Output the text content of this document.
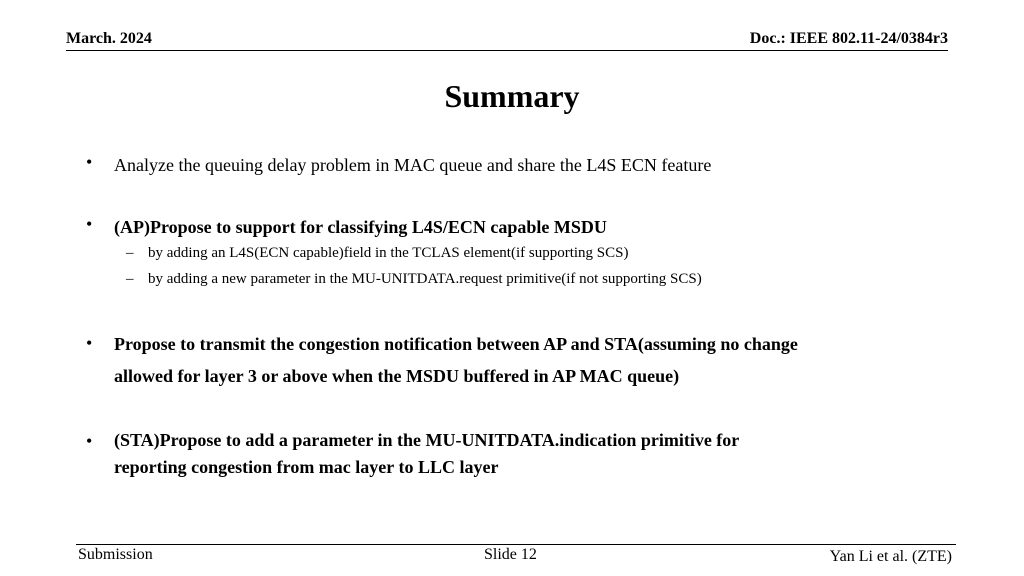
March. 2024	Doc.: IEEE 802.11-24/0384r3
Summary
• Analyze the queuing delay problem in MAC queue and share the L4S ECN feature
• (AP)Propose to support for classifying L4S/ECN capable MSDU
– by adding an L4S(ECN capable)field in the TCLAS element(if supporting SCS)
– by adding a new parameter in the MU-UNITDATA.request primitive(if not supporting SCS)
• Propose to transmit the congestion notification between AP and STA(assuming no change
allowed for layer 3 or above when the MSDU buffered in AP MAC queue)
• (STA)Propose to add a parameter in the MU-UNITDATA.indication primitive for
reporting congestion from mac layer to LLC layer
Submission	Slide 12	Yan Li et al. (ZTE)
